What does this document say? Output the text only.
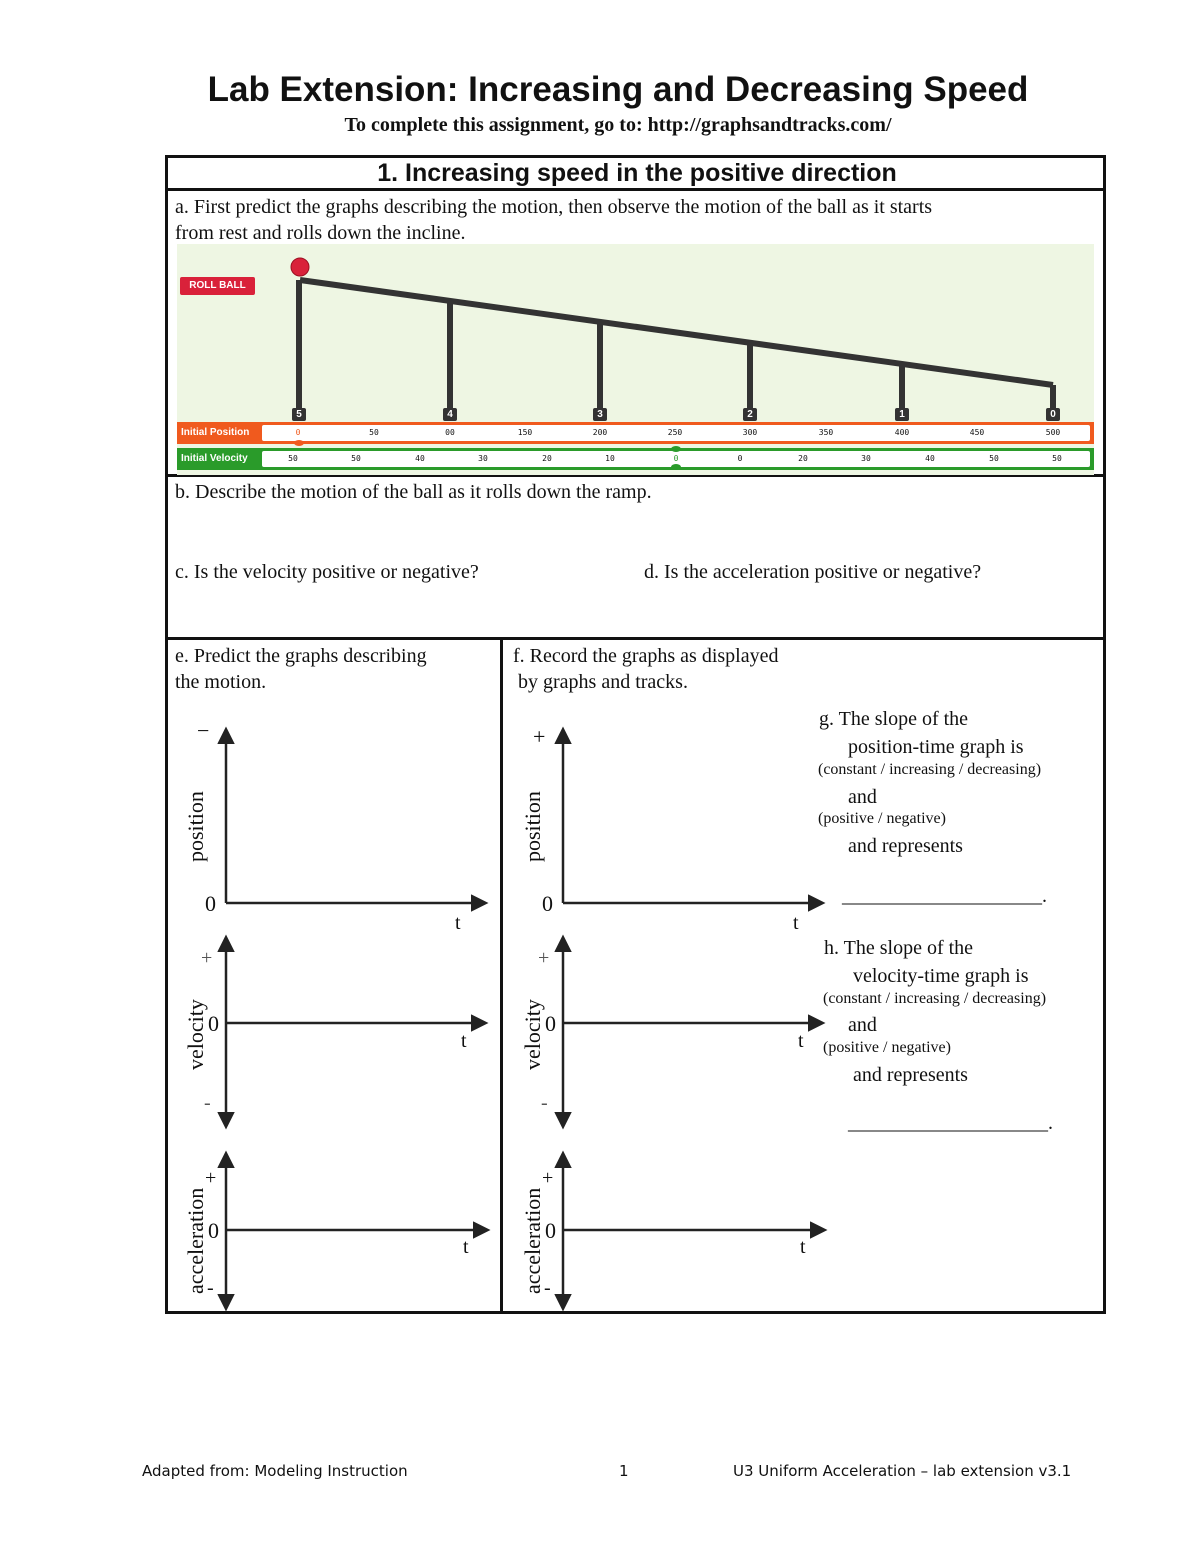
Lab Extension: Increasing and Decreasing Speed
To complete this assignment, go to: http://graphsandtracks.com/
1. Increasing speed in the positive direction
a. First predict the graphs describing the motion, then observe the motion of the ball as it starts
from rest and rolls down the incline.
ROLL BALL
5	4	3	2	1	0
Initial Position	0	50	00	150	200	250	300	350	400	450	500
Initial Velocity	50	50	40	30	20	10	0	0	20	30	40	50	50
b. Describe the motion of the ball as it rolls down the ramp.
c. Is the velocity positive or negative?	d. Is the acceleration positive or negative?
e. Predict the graphs describing
the motion.
f. Record the graphs as displayed
by graphs and tracks.
position
−
0
t
velocity
+
0
-
t
acceleration
+
0
-
t
position
+
0
t
velocity
+
0
-
t
acceleration
+
0
-
t
g. The slope of the
position-time graph is
(constant / increasing / decreasing)
and
(positive / negative)
and represents
____________________.
h. The slope of the
velocity-time graph is
(constant / increasing / decreasing)
and
(positive / negative)
and represents
____________________.
Adapted from: Modeling Instruction	1	U3 Uniform Acceleration – lab extension v3.1
